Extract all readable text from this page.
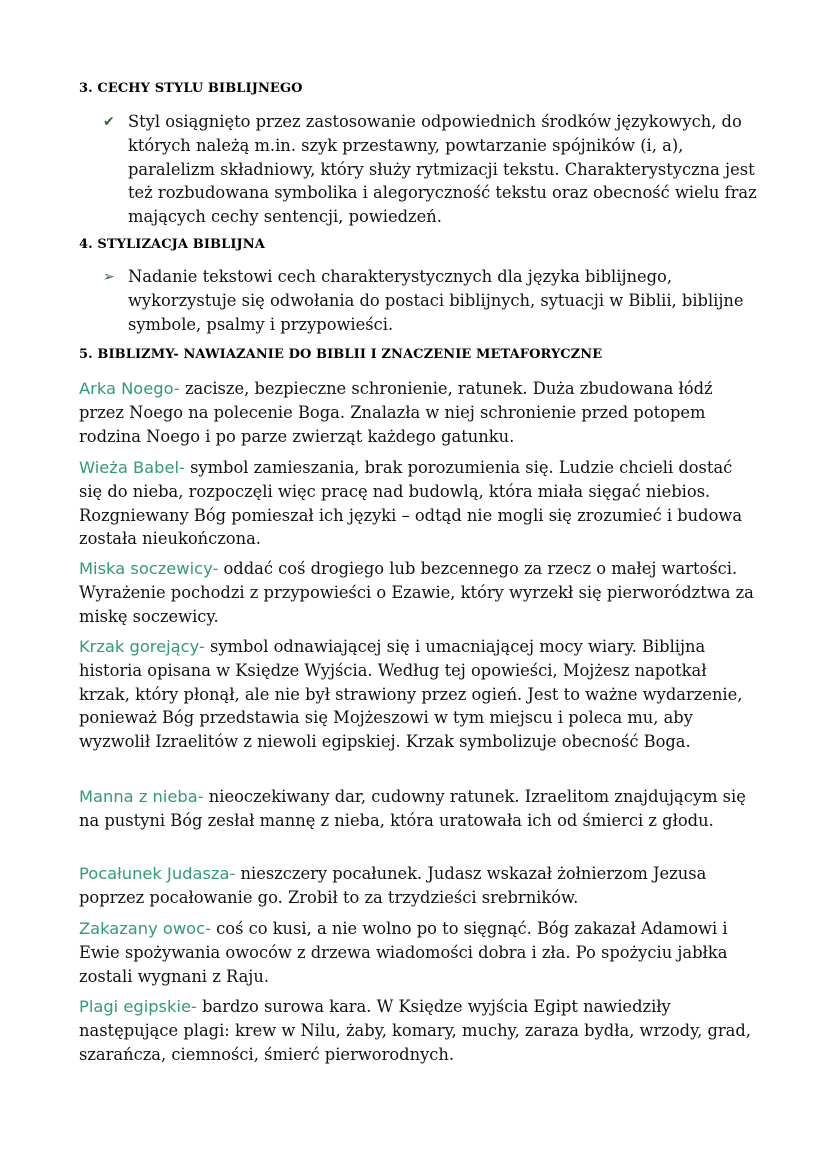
3. CECHY STYLU BIBLIJNEGO
✔ Styl osiągnięto przez zastosowanie odpowiednich środków językowych, do których należą m.in. szyk przestawny, powtarzanie spójników (i, a), paralelizm składniowy, który służy rytmizacji tekstu. Charakterystyczna jest też rozbudowana symbolika i alegoryczność tekstu oraz obecność wielu fraz mających cechy sentencji, powiedzeń.
4. STYLIZACJA BIBLIJNA
➢ Nadanie tekstowi cech charakterystycznych dla języka biblijnego, wykorzystuje się odwołania do postaci biblijnych, sytuacji w Biblii, biblijne symbole, psalmy i przypowieści.
5. BIBLIZMY- NAWIAZANIE DO BIBLII I ZNACZENIE METAFORYCZNE
Arka Noego- zacisze, bezpieczne schronienie, ratunek. Duża zbudowana łódź przez Noego na polecenie Boga. Znalazła w niej schronienie przed potopem rodzina Noego i po parze zwierząt każdego gatunku.
Wieża Babel- symbol zamieszania, brak porozumienia się. Ludzie chcieli dostać się do nieba, rozpoczęli więc pracę nad budowlą, która miała sięgać niebios. Rozgniewany Bóg pomieszał ich języki – odtąd nie mogli się zrozumieć i budowa została nieukończona.
Miska soczewicy- oddać coś drogiego lub bezcennego za rzecz o małej wartości. Wyrażenie pochodzi z przypowieści o Ezawie, który wyrzekł się pierworództwa za miskę soczewicy.
Krzak gorejący- symbol odnawiającej się i umacniającej mocy wiary. Biblijna historia opisana w Księdze Wyjścia. Według tej opowieści, Mojżesz napotkał krzak, który płonął, ale nie był strawiony przez ogień. Jest to ważne wydarzenie, ponieważ Bóg przedstawia się Mojżeszowi w tym miejscu i poleca mu, aby wyzwolił Izraelitów z niewoli egipskiej. Krzak symbolizuje obecność Boga.
Manna z nieba- nieoczekiwany dar, cudowny ratunek. Izraelitom znajdującym się na pustyni Bóg zesłał mannę z nieba, która uratowała ich od śmierci z głodu.
Pocałunek Judasza- nieszczery pocałunek. Judasz wskazał żołnierzom Jezusa poprzez pocałowanie go. Zrobił to za trzydzieści srebrników.
Zakazany owoc- coś co kusi, a nie wolno po to sięgnąć. Bóg zakazał Adamowi i Ewie spożywania owoców z drzewa wiadomości dobra i zła. Po spożyciu jabłka zostali wygnani z Raju.
Plagi egipskie- bardzo surowa kara. W Księdze wyjścia Egipt nawiedziły następujące plagi: krew w Nilu, żaby, komary, muchy, zaraza bydła, wrzody, grad, szarańcza, ciemności, śmierć pierworodnych.
